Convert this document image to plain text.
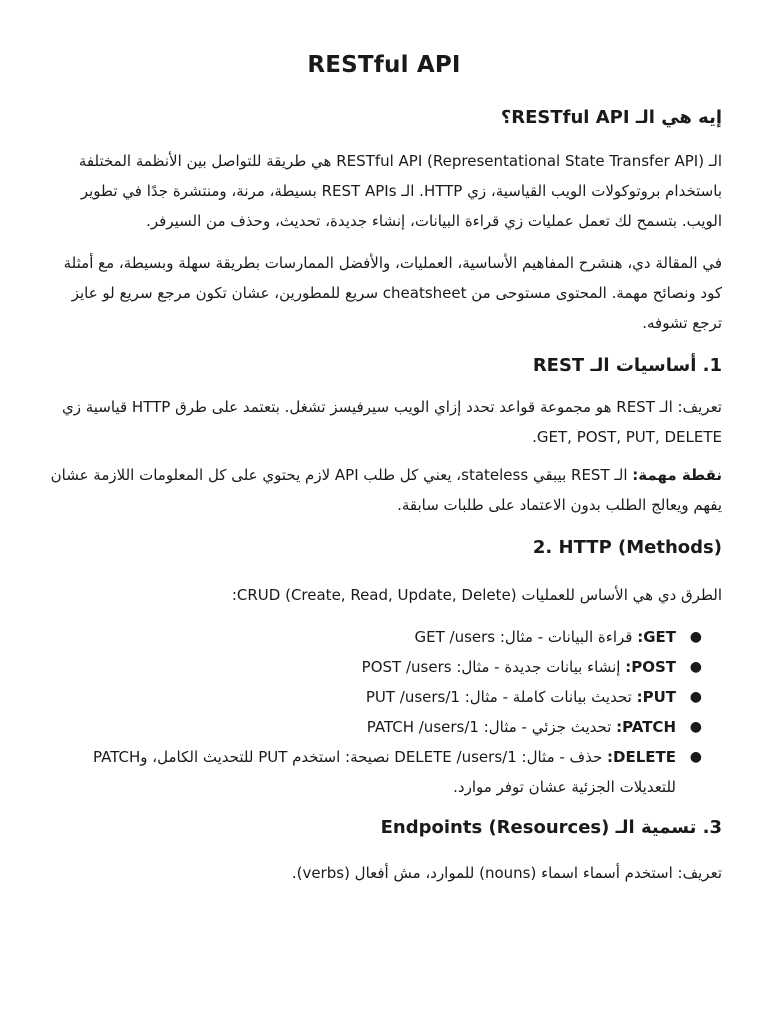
RESTful API
إيه هي الـ RESTful API؟

الـ RESTful API (Representational State Transfer API) هي طريقة للتواصل بين الأنظمة المختلفة باستخدام بروتوكولات الويب القياسية، زي HTTP. الـ REST APIs بسيطة، مرنة، ومنتشرة جدًا في تطوير الويب. بتسمح لك تعمل عمليات زي قراءة البيانات، إنشاء جديدة، تحديث، وحذف من السيرفر.

في المقالة دي، هنشرح المفاهيم الأساسية، العمليات، والأفضل الممارسات بطريقة سهلة وبسيطة، مع أمثلة كود ونصائح مهمة. المحتوى مستوحى من cheatsheet سريع للمطورين، عشان تكون مرجع سريع لو عايز ترجع تشوفه.

1. أساسيات الـ REST

تعريف: الـ REST هو مجموعة قواعد تحدد إزاي الويب سيرفيسز تشغل. بتعتمد على طرق HTTP قياسية زي GET, POST, PUT, DELETE.

نقطة مهمة: الـ REST بيبقي stateless، يعني كل طلب API لازم يحتوي على كل المعلومات اللازمة عشان يفهم ويعالج الطلب بدون الاعتماد على طلبات سابقة.

2. HTTP (Methods)

الطرق دي هي الأساس للعمليات (CRUD (Create, Read, Update, Delete:

●
GET: قراءة البيانات - مثال: GET /users
●
POST: إنشاء بيانات جديدة - مثال: POST /users
●
PUT: تحديث بيانات كاملة - مثال: PUT /users/1
●
PATCH: تحديث جزئي - مثال: PATCH /users/1
●
DELETE: حذف - مثال: DELETE /users/1 نصيحة: استخدم PUT للتحديث الكامل، وPATCH للتعديلات الجزئية عشان توفر موارد.
3. تسمية الـ Endpoints (Resources)

تعريف: استخدم أسماء اسماء (nouns) للموارد، مش أفعال (verbs).
